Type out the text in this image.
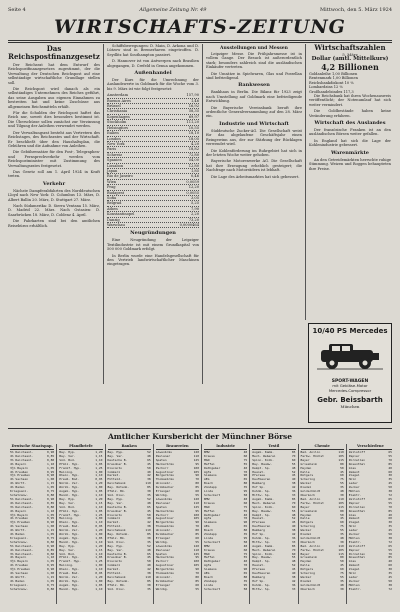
Seite 4	Allgemeine Zeitung Nr. 49	Mittwoch, den 5. März 1924
WIRTSCHAFTS-ZEITUNG
Das Reichspostfinanzgesetz

Der Reichsrat hat dem Entwurf des Reichspostfinanzgesetzes zugestimmt, der die Verwaltung der Deutschen Reichspost auf eine selbständige wirtschaftliche Grundlage stellen soll.

Die Reichspost wird danach als ein selbständiges Unternehmen des Reiches geführt, das seine Ausgaben aus eigenen Einnahmen zu bestreiten hat und keine Zuschüsse aus allgemeinen Reichsmitteln erhält.

Für die Schulden der Reichspost haftet das Reich nur, soweit dies besonders bestimmt ist. Die Überschüsse sollen zunächst zur Verzinsung und Tilgung der Anleihen verwendet werden.

Der Verwaltungsrat besteht aus Vertretern des Reichstages, des Reichsrates und der Wirtschaft. Er beschließt über den Haushaltsplan, die Gebühren und die Aufnahme von Anleihen.

Die Gebührensätze für den Post-, Telegraphen- und Fernsprechverkehr werden vom Reichspostminister mit Zustimmung des Verwaltungsrates festgesetzt.

Das Gesetz soll am 1. April 1924 in Kraft treten.

Verkehr

Nächste Dampferabfahrten des Norddeutschen Lloyd nach New York: D. Columbus 13. März, D. Albert Ballin 20. März, D. Stuttgart 27. März.

Nach Südamerika: D. Sierra Ventana 15. März, D. Madrid 22. März. Nach Ostasien: D. Saarbrücken 18. März, D. Coblenz 4. April.

Die Fahrkarten sind bei den amtlichen Reisebüros erhältlich.

Schiffsbewegungen: D. Main, D. Arkona und D. Lützow sind in Bremerhaven eingetroffen. D. Seydlitz hat Southampton passiert.

D. Hannover ist von Antwerpen nach Brasilien abgegangen, D. Crefeld in Genua angekommen.

Außenhandel

Der Kurs für die Umrechnung der Auslandswerte in Goldmark für die Woche vom 3. bis 9. März ist wie folgt festgesetzt:

Amsterdam	157,90
Buenos Aires	1,46
Brüssel	16,92
Christiania	58,35
Kopenhagen	69,97
Stockholm	111,20
Helsingfors	10,55
Italien	18,10
London	18,05
New York	4,20
Paris	18,82
Schweiz	72,80
Spanien	54,00
Lissabon	12,80
Japan	1,85
Rio de Janeiro	0,46
Wien	0,0059
Prag	12,20
Budapest	0,0055
Sofia	3,05
Belgrad	5,25
Athen	7,90
Konstantinopel	2,20
Danzig	73,20
Warschau	0,0000464
Neugründungen

Eine Neugründung der Leipziger Textilindustrie ist mit einem Grundkapital von 500 000 Goldmark erfolgt.

In Berlin wurde eine Handelsgesellschaft für den Vertrieb landwirtschaftlicher Maschinen eingetragen.

Ausstellungen und Messen

Leipziger Messe. Die Frühjahrsmesse ist in vollem Gange. Der Besuch ist außerordentlich stark; besonders zahlreich sind die ausländischen Einkäufer vertreten.

Die Umsätze in Spielwaren, Glas und Porzellan sind befriedigend.

Bankwesen

Bankhaus in Berlin. Die Bilanz für 1923 zeigt nach Umstellung auf Goldmark eine befriedigende Entwicklung.

Die Bayerische Vereinsbank beruft ihre ordentliche Generalversammlung auf den 28. März ein.

Industrie und Wirtschaft

Süddeutsche Zucker-AG. Die Gesellschaft weist für das abgelaufene Geschäftsjahr einen Reingewinn aus, der zur Stärkung der Rücklagen verwendet wird.

Die Kohlenförderung im Ruhrgebiet hat sich in der letzten Woche weiter gehoben.

Bayerische Motorenwerke AG. Die Gesellschaft hat ihre Erzeugung erheblich gesteigert; die Nachfrage nach Motorrädern ist lebhaft.

Die Lage des Arbeitsmarktes hat sich gebessert.

Wirtschaftszahlen
5. März
Dollar (amtl. Mittelkurs)
4,2 Billionen
Goldanleihe 1,00 Billionen
Rentenmark 1,00 Billionen
Reichsbankdiskont 10 %
Lombardzins 12 %
Großhandelsindex 117,3

Die Reichsbank hat ihren Wochenausweis veröffentlicht; der Notenumlauf hat sich weiter vermindert.

Die Goldbestände haben keine Veränderung erfahren.

Wirtschaft des Auslandes

Der französische Franken ist an den ausländischen Börsen weiter gefallen.

In England hat sich die Lage der Kohlenindustrie gebessert.

Warenmärkte

An den Getreidemärkten herrschte ruhige Stimmung. Weizen und Roggen behaupteten ihre Preise.

10/40 PS Mercedes
SPORT-WAGEN
mit Gebläse-Motor
Mercedes-Compressor
Gebr. Beissbarth
München
Amtlicher Kursbericht der Münchner Börse
Deutsche Staatspap.
5% Reichsanl.	0,90
4% Reichsanl.	0,85
3% Reichsanl.	0,80
4% Bayern	1,10
3½% Bayern	1,05
4% Preußen	0,95
3½% Preußen	0,90
4% Sachsen	1,00
4% Württ.	1,15
4% Baden	1,05
Kriegsanl.	0,75
Schatzanw.	0,80
5% Reichsanl.	0,90
4% Reichsanl.	0,85
3% Reichsanl.	0,80
4% Bayern	1,10
3½% Bayern	1,05
4% Preußen	0,95
3½% Preußen	0,90
4% Sachsen	1,00
4% Württ.	1,15
4% Baden	1,05
Kriegsanl.	0,75
Schatzanw.	0,80
5% Reichsanl.	0,90
4% Reichsanl.	0,85
3% Reichsanl.	0,80
4% Bayern	1,10
3½% Bayern	1,05
4% Preußen	0,95
3½% Preußen	0,90
4% Sachsen	1,00
4% Württ.	1,15
4% Baden	1,05
Kriegsanl.	0,75
Schatzanw.	0,80
Pfandbriefe
Bay. Hyp.	1,20
Bay. Ver.	1,15
Süd. Bod.	1,10
Pfälz. Hyp.	1,05
Frankf. Hyp.	1,25
Meining.	1,00
Rhein. Hyp.	1,10
Preuß. Bod.	0,95
Nürnb. Ver.	1,20
Würzb. Hyp.	1,00
Augsb. Hyp.	1,05
Mannh. Hyp.	1,10
Bay. Hyp.	1,20
Bay. Ver.	1,15
Süd. Bod.	1,10
Pfälz. Hyp.	1,05
Frankf. Hyp.	1,25
Meining.	1,00
Rhein. Hyp.	1,10
Preuß. Bod.	0,95
Nürnb. Ver.	1,20
Würzb. Hyp.	1,00
Augsb. Hyp.	1,05
Mannh. Hyp.	1,10
Bay. Hyp.	1,20
Bay. Ver.	1,15
Süd. Bod.	1,10
Pfälz. Hyp.	1,05
Frankf. Hyp.	1,25
Meining.	1,00
Rhein. Hyp.	1,10
Preuß. Bod.	0,95
Nürnb. Ver.	1,20
Würzb. Hyp.	1,00
Augsb. Hyp.	1,05
Mannh. Hyp.	1,10
Banken
Bay. Hyp.	52
Bay. Ver.	48
Deutsche B.	65
Dresdner B.	45
Disconto	50
Commerz	40
Darmst.	42
Mitteld.	38
Reichsbank	110
Bay. Notenb.	85
Pfälz. Bk.	30
Süd. Disc.	35
Bay. Hyp.	52
Bay. Ver.	48
Deutsche B.	65
Dresdner B.	45
Disconto	50
Commerz	40
Darmst.	42
Mitteld.	38
Reichsbank	110
Bay. Notenb.	85
Pfälz. Bk.	30
Süd. Disc.	35
Bay. Hyp.	52
Bay. Ver.	48
Deutsche B.	65
Dresdner B.	45
Disconto	50
Commerz	40
Darmst.	42
Mitteld.	38
Reichsbank	110
Bay. Notenb.	85
Pfälz. Bk.	30
Süd. Disc.	35
Brauereien
Löwenbräu	120
Paulaner	110
Spaten	125
Hackerbräu	95
Pschorr	100
Augustiner	105
Bürgerbräu	90
Thomasbräu	70
Unionsbr.	80
Kulmbacher	85
Erlanger	60
Würzbg.	55
Löwenbräu	120
Paulaner	110
Spaten	125
Hackerbräu	95
Pschorr	100
Augustiner	105
Bürgerbräu	90
Thomasbräu	70
Unionsbr.	80
Kulmbacher	85
Erlanger	60
Würzbg.	55
Löwenbräu	120
Paulaner	110
Spaten	125
Hackerbräu	95
Pschorr	100
Augustiner	105
Bürgerbräu	90
Thomasbräu	70
Unionsbr.	80
Kulmbacher	85
Erlanger	60
Würzbg.	55
Industrie
BMW	48
Krauss	60
MAN	75
Maffei	55
Rathgeber	40
Agfa	70
Siemens	90
AEG	65
Bosch	80
Zündapp	35
Linde	95
Schuckert	58
BMW	48
Krauss	60
MAN	75
Maffei	55
Rathgeber	40
Agfa	70
Siemens	90
AEG	65
Bosch	80
Zündapp	35
Linde	95
Schuckert	58
BMW	48
Krauss	60
MAN	75
Maffei	55
Rathgeber	40
Agfa	70
Siemens	90
AEG	65
Bosch	80
Zündapp	35
Linde	95
Schuckert	58
Textil
Augsb. Kamm.	85
Mech. Weberei	70
Spinn. Kolb.	60
Bay. Baumw.	55
Kempt. Sp.	48
Haunst.	52
Pfersee	45
Kaufbeuren	40
Bamberg	38
Hof Sp.	42
Kulmb. Sp.	36
Mittw. Sp.	33
Augsb. Kamm.	85
Mech. Weberei	70
Spinn. Kolb.	60
Bay. Baumw.	55
Kempt. Sp.	48
Haunst.	52
Pfersee	45
Kaufbeuren	40
Bamberg	38
Hof Sp.	42
Kulmb. Sp.	36
Mittw. Sp.	33
Augsb. Kamm.	85
Mech. Weberei	70
Spinn. Kolb.	60
Bay. Baumw.	55
Kempt. Sp.	48
Haunst.	52
Pfersee	45
Kaufbeuren	40
Bamberg	38
Hof Sp.	42
Kulmb. Sp.	36
Mittw. Sp.	33
Chemie
Bad. Anilin	110
Farbw. Höchst	105
Bayer	115
Griesheim	80
Heyden	50
Kalle	45
Rütgers	60
Schering	75
Wacker	55
Riedel	35
Goldschmidt	48
Oberkoch	30
Bad. Anilin	110
Farbw. Höchst	105
Bayer	115
Griesheim	80
Heyden	50
Kalle	45
Rütgers	60
Schering	75
Wacker	55
Riedel	35
Goldschmidt	48
Oberkoch	30
Bad. Anilin	110
Farbw. Höchst	105
Bayer	115
Griesheim	80
Heyden	50
Kalle	45
Rütgers	60
Schering	75
Wacker	55
Riedel	35
Goldschmidt	48
Oberkoch	30
Verschiedene
Zellstoff	65
Papier	55
Porzellan	70
Rosenthal	85
Glas	40
Zement	60
Ziegel	30
Holz	35
Leder	45
Zucker	50
Mühlen	38
Elektr.	72
Zellstoff	65
Papier	55
Porzellan	70
Rosenthal	85
Glas	40
Zement	60
Ziegel	30
Holz	35
Leder	45
Zucker	50
Mühlen	38
Elektr.	72
Zellstoff	65
Papier	55
Porzellan	70
Rosenthal	85
Glas	40
Zement	60
Ziegel	30
Holz	35
Leder	45
Zucker	50
Mühlen	38
Elektr.	72
